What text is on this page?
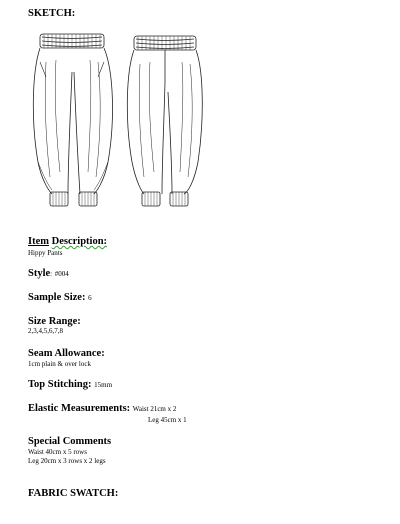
SKETCH:
Item Description:
Hippy Pants
Style: #004
Sample Size: 6
Size Range:
2,3,4,5,6,7,8
Seam Allowance:
1cm plain & over lock
Top Stitching: 15mm
Elastic Measurements: Waist 21cm x 2
Leg 45cm x 1
Special Comments
Waist 40cm x 5 rows
Leg 20cm x 3 rows x 2 legs
FABRIC SWATCH:
